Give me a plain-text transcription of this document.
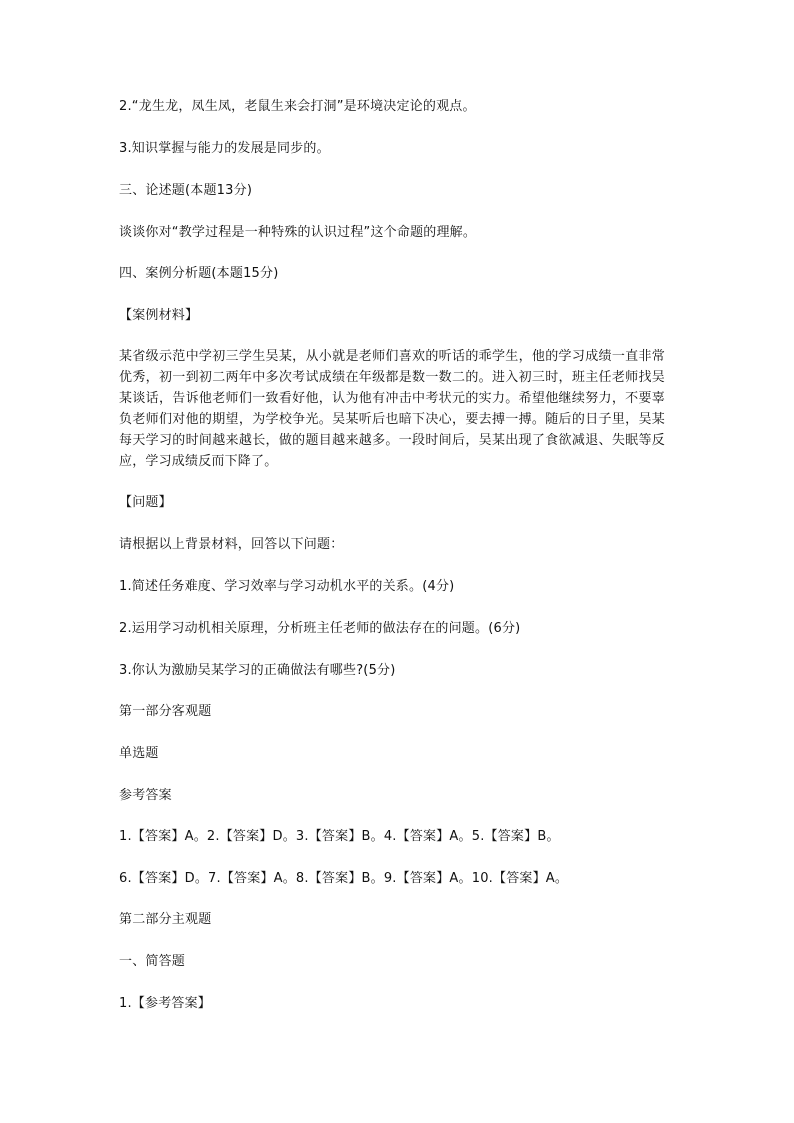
2.“龙生龙，凤生凤，老鼠生来会打洞”是环境决定论的观点。
3.知识掌握与能力的发展是同步的。
三、论述题(本题13分)
谈谈你对“教学过程是一种特殊的认识过程”这个命题的理解。
四、案例分析题(本题15分)
【案例材料】
某省级示范中学初三学生吴某，从小就是老师们喜欢的听话的乖学生，他的学习成绩一直非常优秀，初一到初二两年中多次考试成绩在年级都是数一数二的。进入初三时，班主任老师找吴某谈话，告诉他老师们一致看好他，认为他有冲击中考状元的实力。希望他继续努力，不要辜负老师们对他的期望，为学校争光。吴某听后也暗下决心，要去搏一搏。随后的日子里，吴某每天学习的时间越来越长，做的题目越来越多。一段时间后，吴某出现了食欲减退、失眠等反应，学习成绩反而下降了。
【问题】
请根据以上背景材料，回答以下问题：
1.简述任务难度、学习效率与学习动机水平的关系。(4分)
2.运用学习动机相关原理，分析班主任老师的做法存在的问题。(6分)
3.你认为激励吴某学习的正确做法有哪些?(5分)
第一部分客观题
单选题
参考答案
1.【答案】A。2.【答案】D。3.【答案】B。4.【答案】A。5.【答案】B。
6.【答案】D。7.【答案】A。8.【答案】B。9.【答案】A。10.【答案】A。
第二部分主观题
一、简答题
1.【参考答案】
